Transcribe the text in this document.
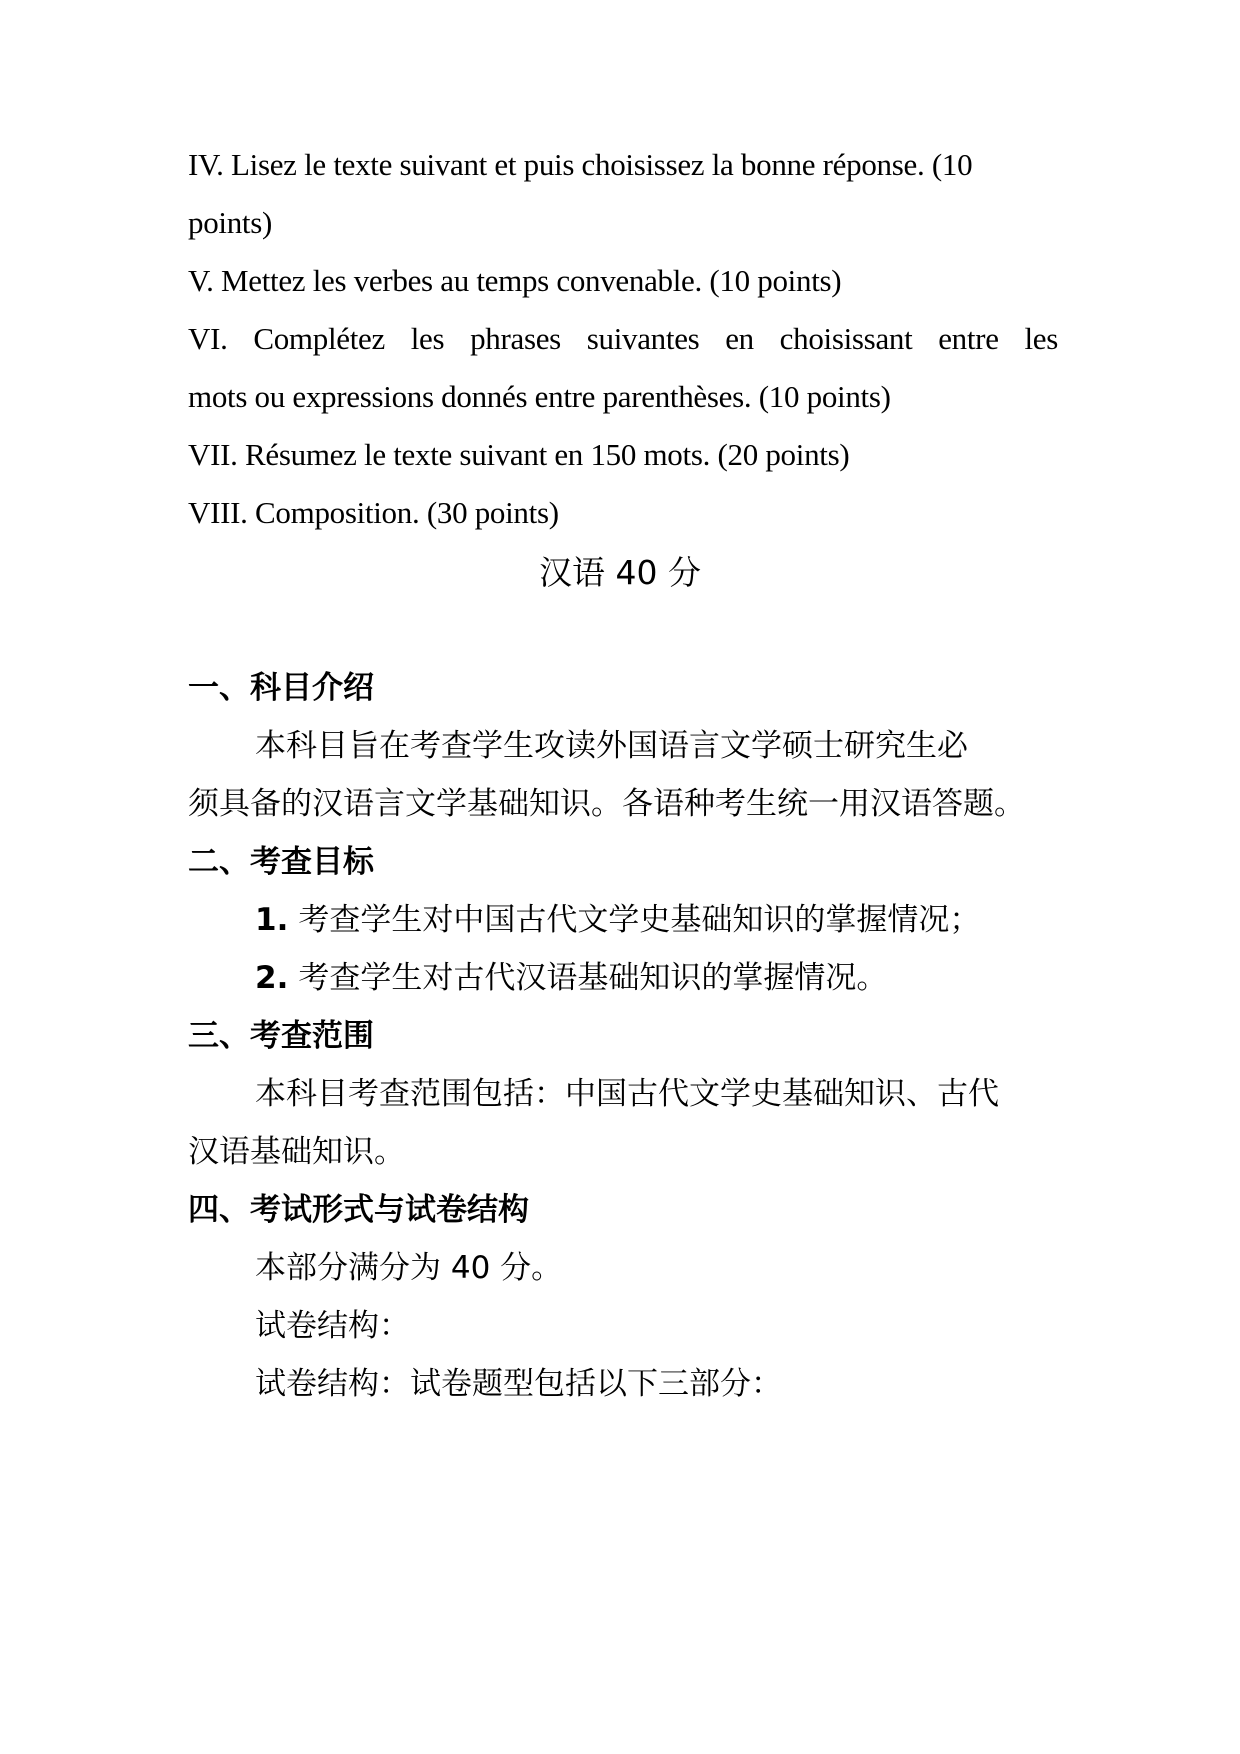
IV. Lisez le texte suivant et puis choisissez la bonne réponse. (10
points)
V. Mettez les verbes au temps convenable. (10 points)
VI. Complétez les phrases suivantes en choisissant entre les
mots ou expressions donnés entre parenthèses. (10 points)
VII. Résumez le texte suivant en 150 mots. (20 points)
VIII. Composition. (30 points)
汉语 40 分
一、科目介绍
本科目旨在考查学生攻读外国语言文学硕士研究生必
须具备的汉语言文学基础知识。各语种考生统一用汉语答题。
二、考查目标
1. 考查学生对中国古代文学史基础知识的掌握情况；
2. 考查学生对古代汉语基础知识的掌握情况。
三、考查范围
本科目考查范围包括：中国古代文学史基础知识、古代
汉语基础知识。
四、考试形式与试卷结构
本部分满分为 40 分。
试卷结构：
试卷结构：试卷题型包括以下三部分：
